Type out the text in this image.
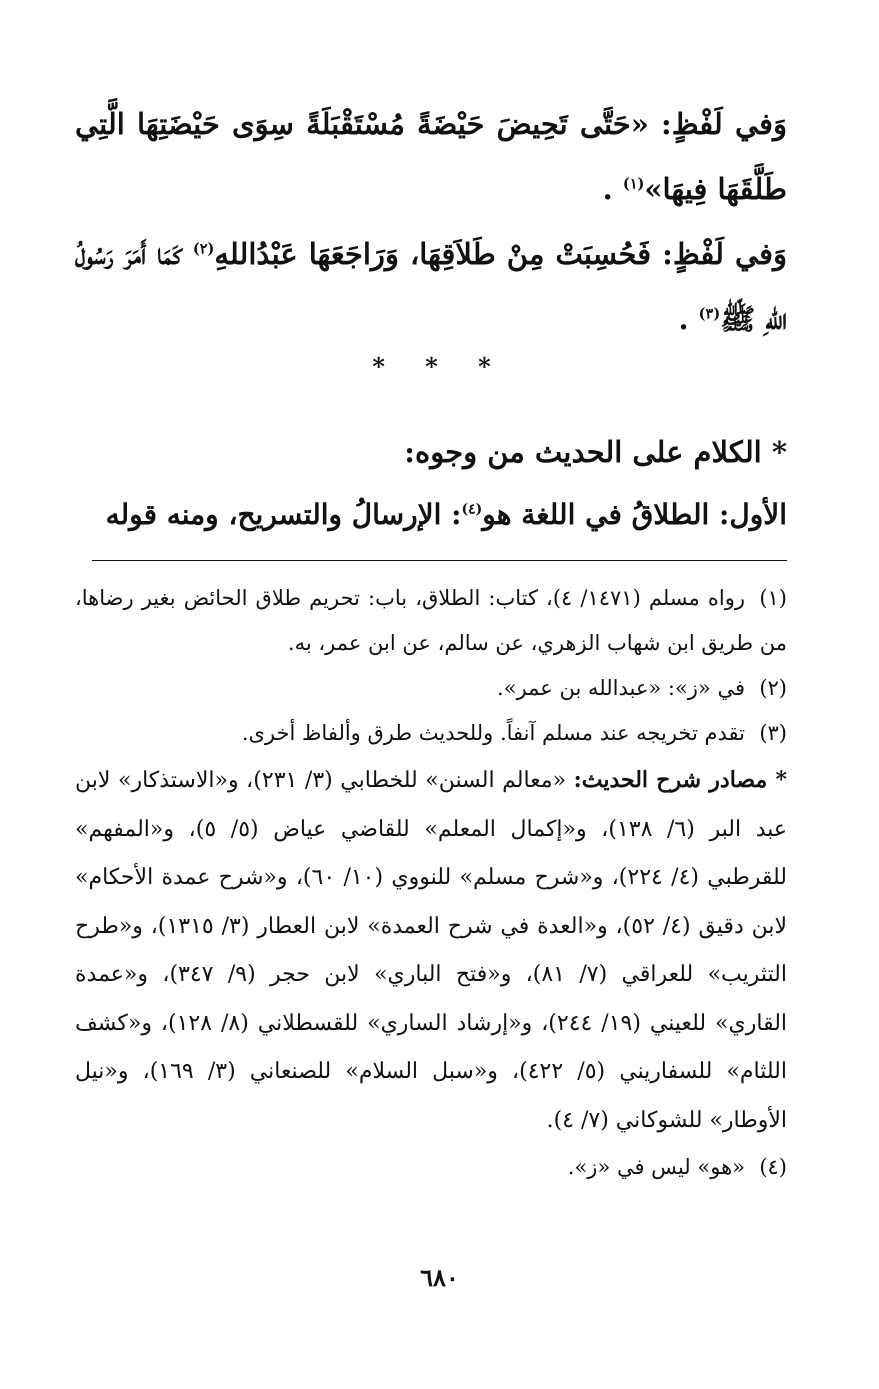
وَفي لَفْظٍ: «حَتَّى تَحِيضَ حَيْضَةً مُسْتَقْبَلَةً سِوَى حَيْضَتِهَا الَّتِي طَلَّقَهَا فِيهَا»$^{(١)}$ .

وَفي لَفْظٍ: فَحُسِبَتْ مِنْ طَلاَقِهَا، وَرَاجَعَهَا عَبْدُاللهِ$^{(٢)}$ كَمَا أَمَرَ رَسُولُ اللهِ ﷺ$^{(٣)}$ .

* * *
* الكلام على الحديث من وجوه:
الأول: الطلاقُ في اللغة هو$^{(٤)}$: الإرسالُ والتسريح، ومنه قوله

(١)رواه مسلم (١٤٧١/ ٤)، كتاب: الطلاق، باب: تحريم طلاق الحائض بغير رضاها، من طريق ابن شهاب الزهري، عن سالم، عن ابن عمر، به.

(٢)في «ز»: «عبدالله بن عمر».

(٣)تقدم تخريجه عند مسلم آنفاً. وللحديث طرق وألفاظ أخرى.

* مصادر شرح الحديث: «معالم السنن» للخطابي (٣/ ٢٣١)، و«الاستذكار» لابن عبد البر (٦/ ١٣٨)، و«إكمال المعلم» للقاضي عياض (٥/ ٥)، و«المفهم» للقرطبي (٤/ ٢٢٤)، و«شرح مسلم» للنووي (١٠/ ٦٠)، و«شرح عمدة الأحكام» لابن دقيق (٤/ ٥٢)، و«العدة في شرح العمدة» لابن العطار (٣/ ١٣١٥)، و«طرح التثريب» للعراقي (٧/ ٨١)، و«فتح الباري» لابن حجر (٩/ ٣٤٧)، و«عمدة القاري» للعيني (١٩/ ٢٤٤)، و«إرشاد الساري» للقسطلاني (٨/ ١٢٨)، و«كشف اللثام» للسفاريني (٥/ ٤٢٢)، و«سبل السلام» للصنعاني (٣/ ١٦٩)، و«نيل الأوطار» للشوكاني (٧/ ٤).

(٤)«هو» ليس في «ز».

٦٨٠
